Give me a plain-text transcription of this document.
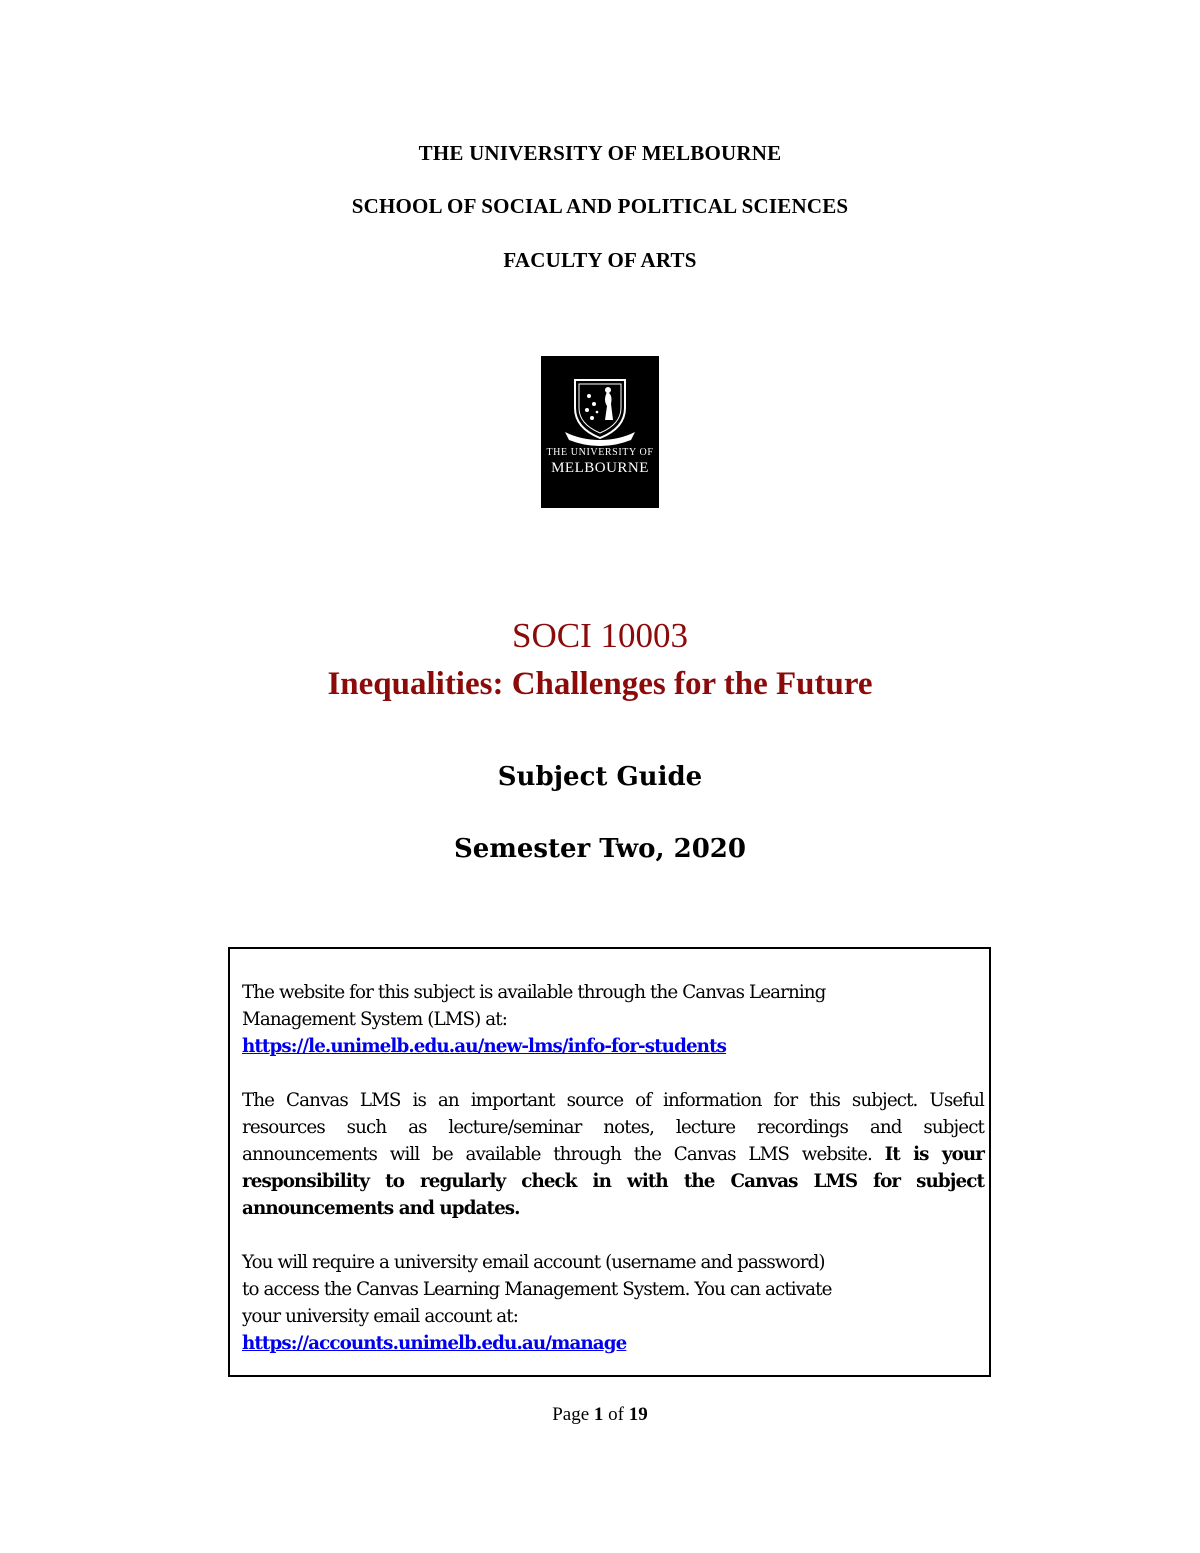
THE UNIVERSITY OF MELBOURNE
SCHOOL OF SOCIAL AND POLITICAL SCIENCES
FACULTY OF ARTS
THE UNIVERSITY OF
MELBOURNE
SOCI 10003
Inequalities: Challenges for the Future
Subject Guide
Semester Two, 2020

The website for this subject is available through the Canvas Learning

Management System (LMS) at:

https://le.unimelb.edu.au/new-lms/info-for-students

The Canvas LMS is an important source of information for this subject. Useful resources such as lecture/seminar notes, lecture recordings and subject announcements will be available through the Canvas LMS website. It is your responsibility to regularly check in with the Canvas LMS for subject announcements and updates.

You will require a university email account (username and password)

to access the Canvas Learning Management System. You can activate

your university email account at:

https://accounts.unimelb.edu.au/manage

Page 1 of 19
